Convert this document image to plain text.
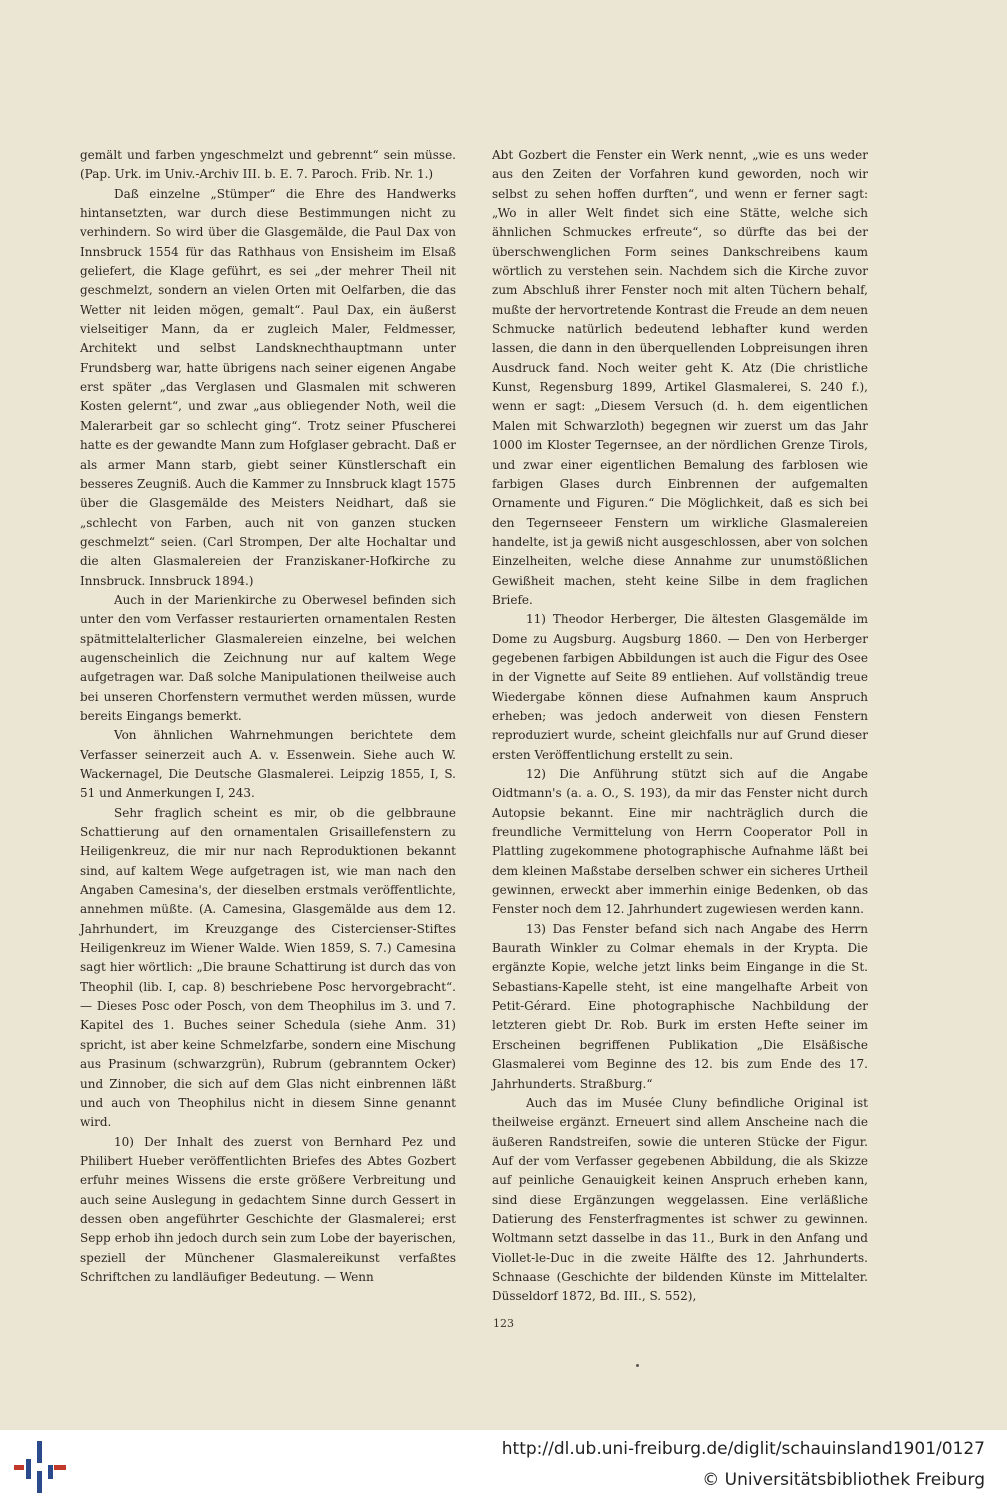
gemält und farben yngeschmelzt und gebrennt“ sein müsse. (Pap. Urk. im Univ.-Archiv III. b. E. 7. Paroch. Frib. Nr. 1.)

Daß einzelne „Stümper“ die Ehre des Handwerks hintansetzten, war durch diese Bestimmungen nicht zu verhindern. So wird über die Glasgemälde, die Paul Dax von Innsbruck 1554 für das Rathhaus von Ensisheim im Elsaß geliefert, die Klage geführt, es sei „der mehrer Theil nit geschmelzt, sondern an vielen Orten mit Oelfarben, die das Wetter nit leiden mögen, gemalt“. Paul Dax, ein äußerst vielseitiger Mann, da er zugleich Maler, Feldmesser, Architekt und selbst Landsknechthauptmann unter Frundsberg war, hatte übrigens nach seiner eigenen Angabe erst später „das Verglasen und Glasmalen mit schweren Kosten gelernt“, und zwar „aus obliegender Noth, weil die Malerarbeit gar so schlecht ging“. Trotz seiner Pfuscherei hatte es der gewandte Mann zum Hofglaser gebracht. Daß er als armer Mann starb, giebt seiner Künstlerschaft ein besseres Zeugniß. Auch die Kammer zu Innsbruck klagt 1575 über die Glasgemälde des Meisters Neidhart, daß sie „schlecht von Farben, auch nit von ganzen stucken geschmelzt“ seien. (Carl Strompen, Der alte Hochaltar und die alten Glasmalereien der Franziskaner-Hofkirche zu Innsbruck. Innsbruck 1894.)

Auch in der Marienkirche zu Oberwesel befinden sich unter den vom Verfasser restaurierten ornamentalen Resten spätmittelalterlicher Glasmalereien einzelne, bei welchen augenscheinlich die Zeichnung nur auf kaltem Wege aufgetragen war. Daß solche Manipulationen theilweise auch bei unseren Chorfenstern vermuthet werden müssen, wurde bereits Eingangs bemerkt.

Von ähnlichen Wahrnehmungen berichtete dem Verfasser seinerzeit auch A. v. Essenwein. Siehe auch W. Wackernagel, Die Deutsche Glasmalerei. Leipzig 1855, I, S. 51 und Anmerkungen I, 243.

Sehr fraglich scheint es mir, ob die gelbbraune Schattierung auf den ornamentalen Grisaillefenstern zu Heiligenkreuz, die mir nur nach Reproduktionen bekannt sind, auf kaltem Wege aufgetragen ist, wie man nach den Angaben Camesina's, der dieselben erstmals veröffentlichte, annehmen müßte. (A. Camesina, Glasgemälde aus dem 12. Jahrhundert, im Kreuzgange des Cistercienser-Stiftes Heiligenkreuz im Wiener Walde. Wien 1859, S. 7.) Camesina sagt hier wörtlich: „Die braune Schattirung ist durch das von Theophil (lib. I, cap. 8) beschriebene Posc hervorgebracht“. — Dieses Posc oder Posch, von dem Theophilus im 3. und 7. Kapitel des 1. Buches seiner Schedula (siehe Anm. 31) spricht, ist aber keine Schmelzfarbe, sondern eine Mischung aus Prasinum (schwarzgrün), Rubrum (gebranntem Ocker) und Zinnober, die sich auf dem Glas nicht einbrennen läßt und auch von Theophilus nicht in diesem Sinne genannt wird.

10) Der Inhalt des zuerst von Bernhard Pez und Philibert Hueber veröffentlichten Briefes des Abtes Gozbert erfuhr meines Wissens die erste größere Verbreitung und auch seine Auslegung in gedachtem Sinne durch Gessert in dessen oben angeführter Geschichte der Glasmalerei; erst Sepp erhob ihn jedoch durch sein zum Lobe der bayerischen, speziell der Münchener Glasmalereikunst verfaßtes Schriftchen zu landläufiger Bedeutung. — Wenn

Abt Gozbert die Fenster ein Werk nennt, „wie es uns weder aus den Zeiten der Vorfahren kund geworden, noch wir selbst zu sehen hoffen durften“, und wenn er ferner sagt: „Wo in aller Welt findet sich eine Stätte, welche sich ähnlichen Schmuckes erfreute“, so dürfte das bei der überschwenglichen Form seines Dankschreibens kaum wörtlich zu verstehen sein. Nachdem sich die Kirche zuvor zum Abschluß ihrer Fenster noch mit alten Tüchern behalf, mußte der hervortretende Kontrast die Freude an dem neuen Schmucke natürlich bedeutend lebhafter kund werden lassen, die dann in den überquellenden Lobpreisungen ihren Ausdruck fand. Noch weiter geht K. Atz (Die christliche Kunst, Regensburg 1899, Artikel Glasmalerei, S. 240 f.), wenn er sagt: „Diesem Versuch (d. h. dem eigentlichen Malen mit Schwarzloth) begegnen wir zuerst um das Jahr 1000 im Kloster Tegernsee, an der nördlichen Grenze Tirols, und zwar einer eigentlichen Bemalung des farblosen wie farbigen Glases durch Einbrennen der aufgemalten Ornamente und Figuren.“ Die Möglichkeit, daß es sich bei den Tegernseeer Fenstern um wirkliche Glasmalereien handelte, ist ja gewiß nicht ausgeschlossen, aber von solchen Einzelheiten, welche diese Annahme zur unumstößlichen Gewißheit machen, steht keine Silbe in dem fraglichen Briefe.

11) Theodor Herberger, Die ältesten Glasgemälde im Dome zu Augsburg. Augsburg 1860. — Den von Herberger gegebenen farbigen Abbildungen ist auch die Figur des Osee in der Vignette auf Seite 89 entliehen. Auf vollständig treue Wiedergabe können diese Aufnahmen kaum Anspruch erheben; was jedoch anderweit von diesen Fenstern reproduziert wurde, scheint gleichfalls nur auf Grund dieser ersten Veröffentlichung erstellt zu sein.

12) Die Anführung stützt sich auf die Angabe Oidtmann's (a. a. O., S. 193), da mir das Fenster nicht durch Autopsie bekannt. Eine mir nachträglich durch die freundliche Vermittelung von Herrn Cooperator Poll in Plattling zugekommene photographische Aufnahme läßt bei dem kleinen Maßstabe derselben schwer ein sicheres Urtheil gewinnen, erweckt aber immerhin einige Bedenken, ob das Fenster noch dem 12. Jahrhundert zugewiesen werden kann.

13) Das Fenster befand sich nach Angabe des Herrn Baurath Winkler zu Colmar ehemals in der Krypta. Die ergänzte Kopie, welche jetzt links beim Eingange in die St. Sebastians-Kapelle steht, ist eine mangelhafte Arbeit von Petit-Gérard. Eine photographische Nachbildung der letzteren giebt Dr. Rob. Burk im ersten Hefte seiner im Erscheinen begriffenen Publikation „Die Elsäßische Glasmalerei vom Beginne des 12. bis zum Ende des 17. Jahrhunderts. Straßburg.“

Auch das im Musée Cluny befindliche Original ist theilweise ergänzt. Erneuert sind allem Anscheine nach die äußeren Randstreifen, sowie die unteren Stücke der Figur. Auf der vom Verfasser gegebenen Abbildung, die als Skizze auf peinliche Genauigkeit keinen Anspruch erheben kann, sind diese Ergänzungen weggelassen. Eine verläßliche Datierung des Fensterfragmentes ist schwer zu gewinnen. Woltmann setzt dasselbe in das 11., Burk in den Anfang und Viollet-le-Duc in die zweite Hälfte des 12. Jahrhunderts. Schnaase (Geschichte der bildenden Künste im Mittelalter. Düsseldorf 1872, Bd. III., S. 552),

123
http://dl.ub.uni-freiburg.de/diglit/schauinsland1901/0127
© Universitätsbibliothek Freiburg
